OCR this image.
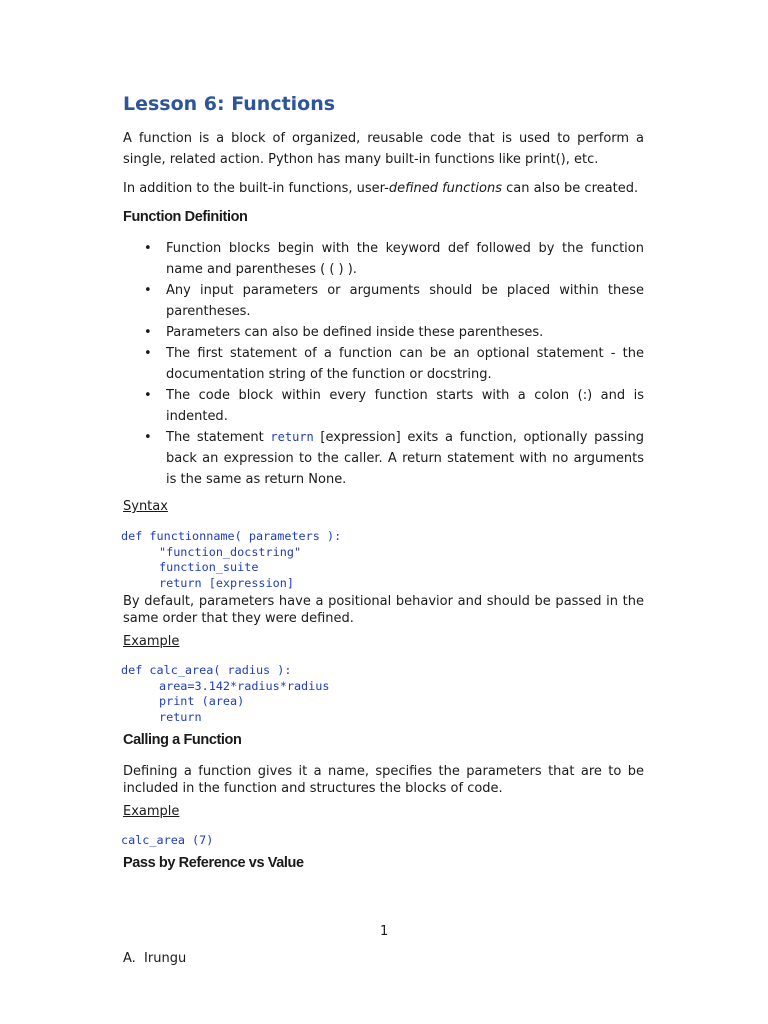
Lesson 6: Functions

A function is a block of organized, reusable code that is used to perform a single, related action. Python has many built-in functions like print(), etc.

In addition to the built-in functions, user-defined functions can also be created.

Function Definition
• Function blocks begin with the keyword def followed by the function name and parentheses ( ( ) ).
• Any input parameters or arguments should be placed within these parentheses.
• Parameters can also be defined inside these parentheses.
• The first statement of a function can be an optional statement - the documentation string of the function or docstring.
• The code block within every function starts with a colon (:) and is indented.
• The statement return [expression] exits a function, optionally passing back an expression to the caller. A return statement with no arguments is the same as return None.

Syntax

def functionname( parameters ):
"function_docstring"
function_suite
return [expression]

By default, parameters have a positional behavior and should be passed in the same order that they were defined.

Example

def calc_area( radius ):
area=3.142*radius*radius
print (area)
return
Calling a Function

Defining a function gives it a name, specifies the parameters that are to be included in the function and structures the blocks of code.

Example

calc_area (7)
Pass by Reference vs Value
1
A.  Irungu
